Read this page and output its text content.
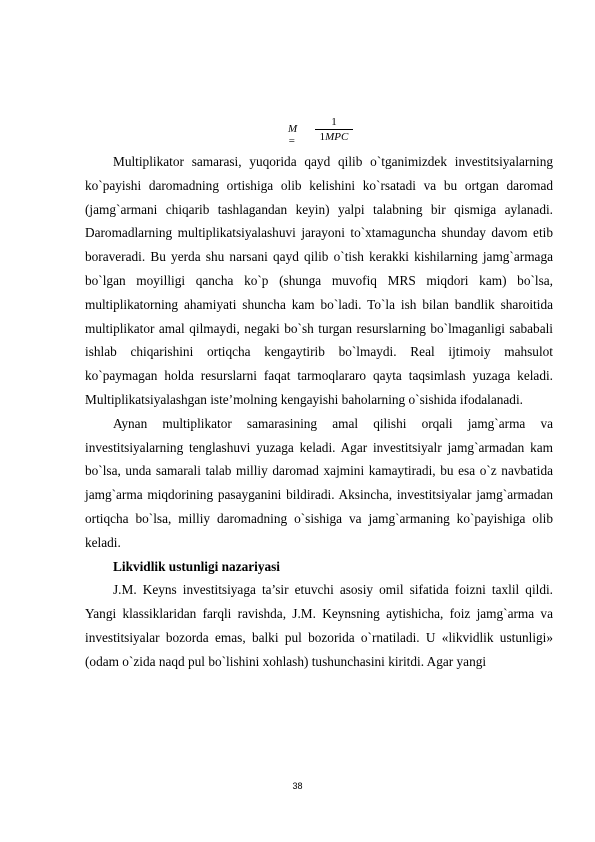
M =
1
1MPC

Multiplikator samarasi, yuqorida qayd qilib o`tganimizdek investitsiyalarning ko`payishi daromadning ortishiga olib kelishini ko`rsatadi va bu ortgan daromad (jamg`armani chiqarib tashlagandan keyin) yalpi talabning bir qismiga aylanadi. Daromadlarning multiplikatsiyalashuvi jarayoni to`xtamaguncha shunday davom etib boraveradi. Bu yerda shu narsani qayd qilib o`tish kerakki kishilarning jamg`armaga bo`lgan moyilligi qancha ko`p (shunga muvofiq MRS miqdori kam) bo`lsa, multiplikatorning ahamiyati shuncha kam bo`ladi. To`la ish bilan bandlik sharoitida multiplikator amal qilmaydi, negaki bo`sh turgan resurslarning bo`lmaganligi sababali ishlab chiqarishini ortiqcha kengaytirib bo`lmaydi. Real ijtimoiy mahsulot ko`paymagan holda resurslarni faqat tarmoqlararo qayta taqsimlash yuzaga keladi. Multiplikatsiyalashgan iste’molning kengayishi baholarning o`sishida ifodalanadi.

Aynan multiplikator samarasining amal qilishi orqali jamg`arma va investitsiyalarning tenglashuvi yuzaga keladi. Agar investitsiyalr jamg`armadan kam bo`lsa, unda samarali talab milliy daromad xajmini kamaytiradi, bu esa o`z navbatida jamg`arma miqdorining pasayganini bildiradi. Aksincha, investitsiyalar jamg`armadan ortiqcha bo`lsa, milliy daromadning o`sishiga va jamg`armaning ko`payishiga olib keladi.

Likvidlik ustunligi nazariyasi

J.M. Keyns investitsiyaga ta’sir etuvchi asosiy omil sifatida foizni taxlil qildi. Yangi klassiklaridan farqli ravishda, J.M. Keynsning aytishicha, foiz jamg`arma va investitsiyalar bozorda emas, balki pul bozorida o`rnatiladi. U «likvidlik ustunligi» (odam o`zida naqd pul bo`lishini xohlash) tushunchasini kiritdi. Agar yangi

38
